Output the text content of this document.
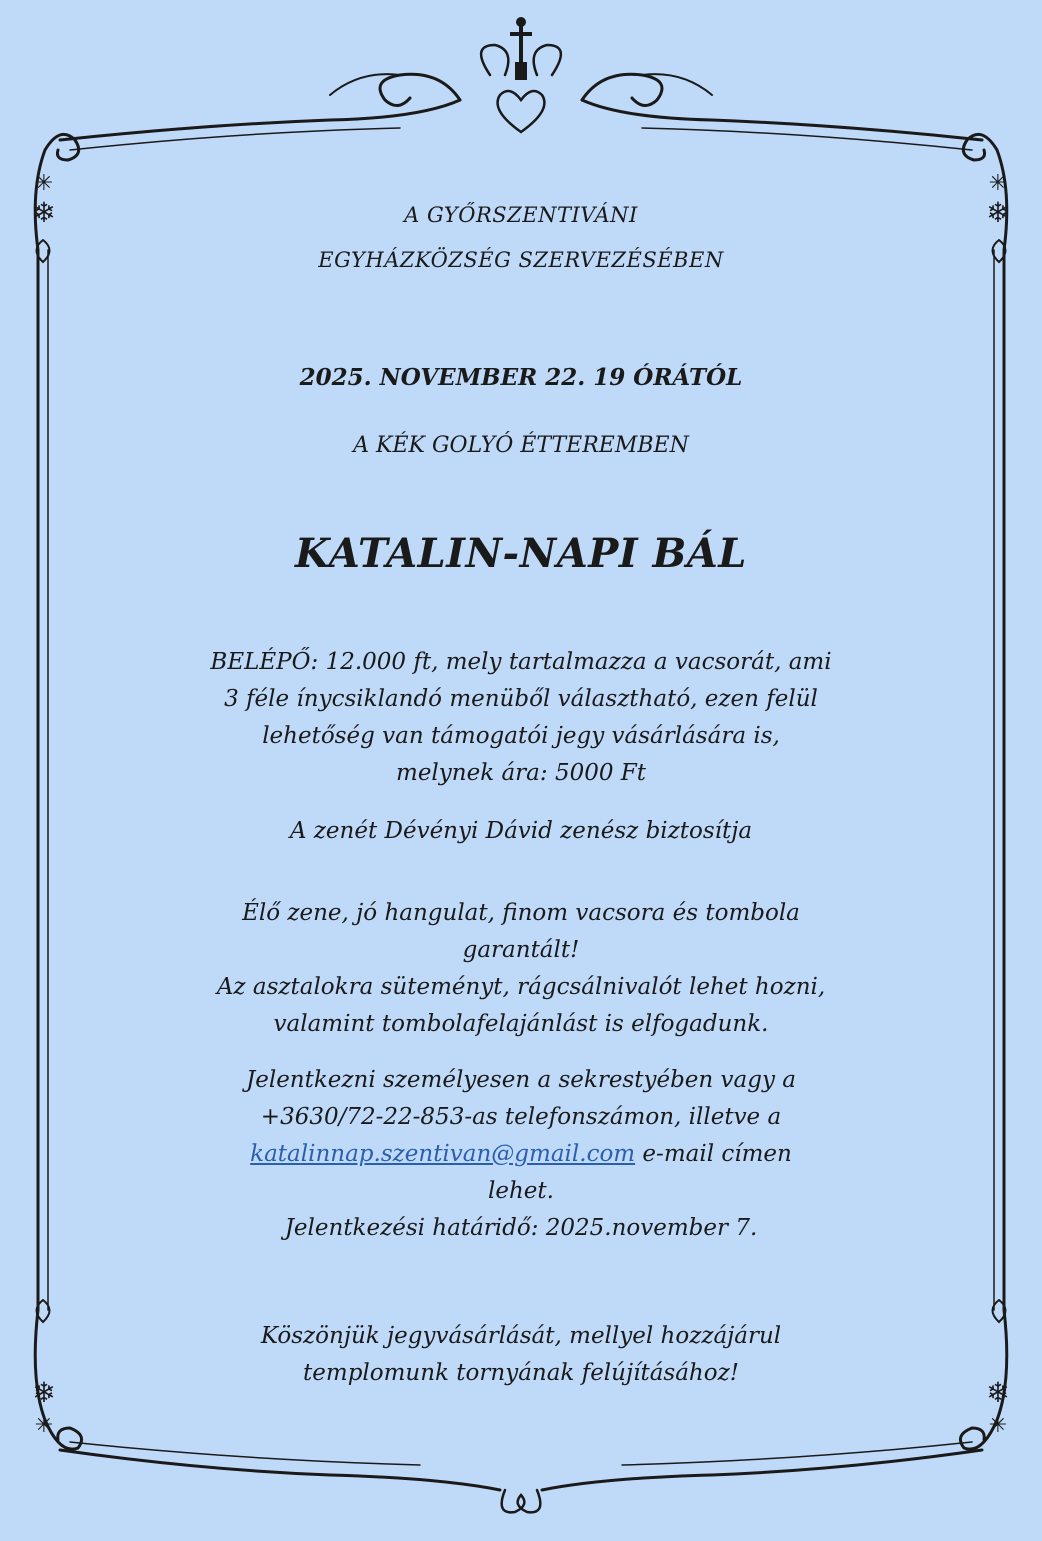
✳
❄
✳
❄
❄
✳
❄
✳
A GYŐRSZENTIVÁNI
EGYHÁZKÖZSÉG SZERVEZÉSÉBEN
2025. NOVEMBER 22. 19 ÓRÁTÓL
A KÉK GOLYÓ ÉTTEREMBEN
KATALIN-NAPI BÁL
BELÉPŐ: 12.000 ft, mely tartalmazza a vacsorát, ami
3 féle ínycsiklandó menüből választható, ezen felül
lehetőség van támogatói jegy vásárlására is,
melynek ára: 5000 Ft
A zenét Dévényi Dávid zenész biztosítja
Élő zene, jó hangulat, finom vacsora és tombola
garantált!
Az asztalokra süteményt, rágcsálnivalót lehet hozni,
valamint tombolafelajánlást is elfogadunk.
Jelentkezni személyesen a sekrestyében vagy a
+3630/72-22-853-as telefonszámon, illetve a
katalinnap.szentivan@gmail.com e-mail címen
lehet.
Jelentkezési határidő: 2025.november 7.
Köszönjük jegyvásárlását, mellyel hozzájárul
templomunk tornyának felújításához!
